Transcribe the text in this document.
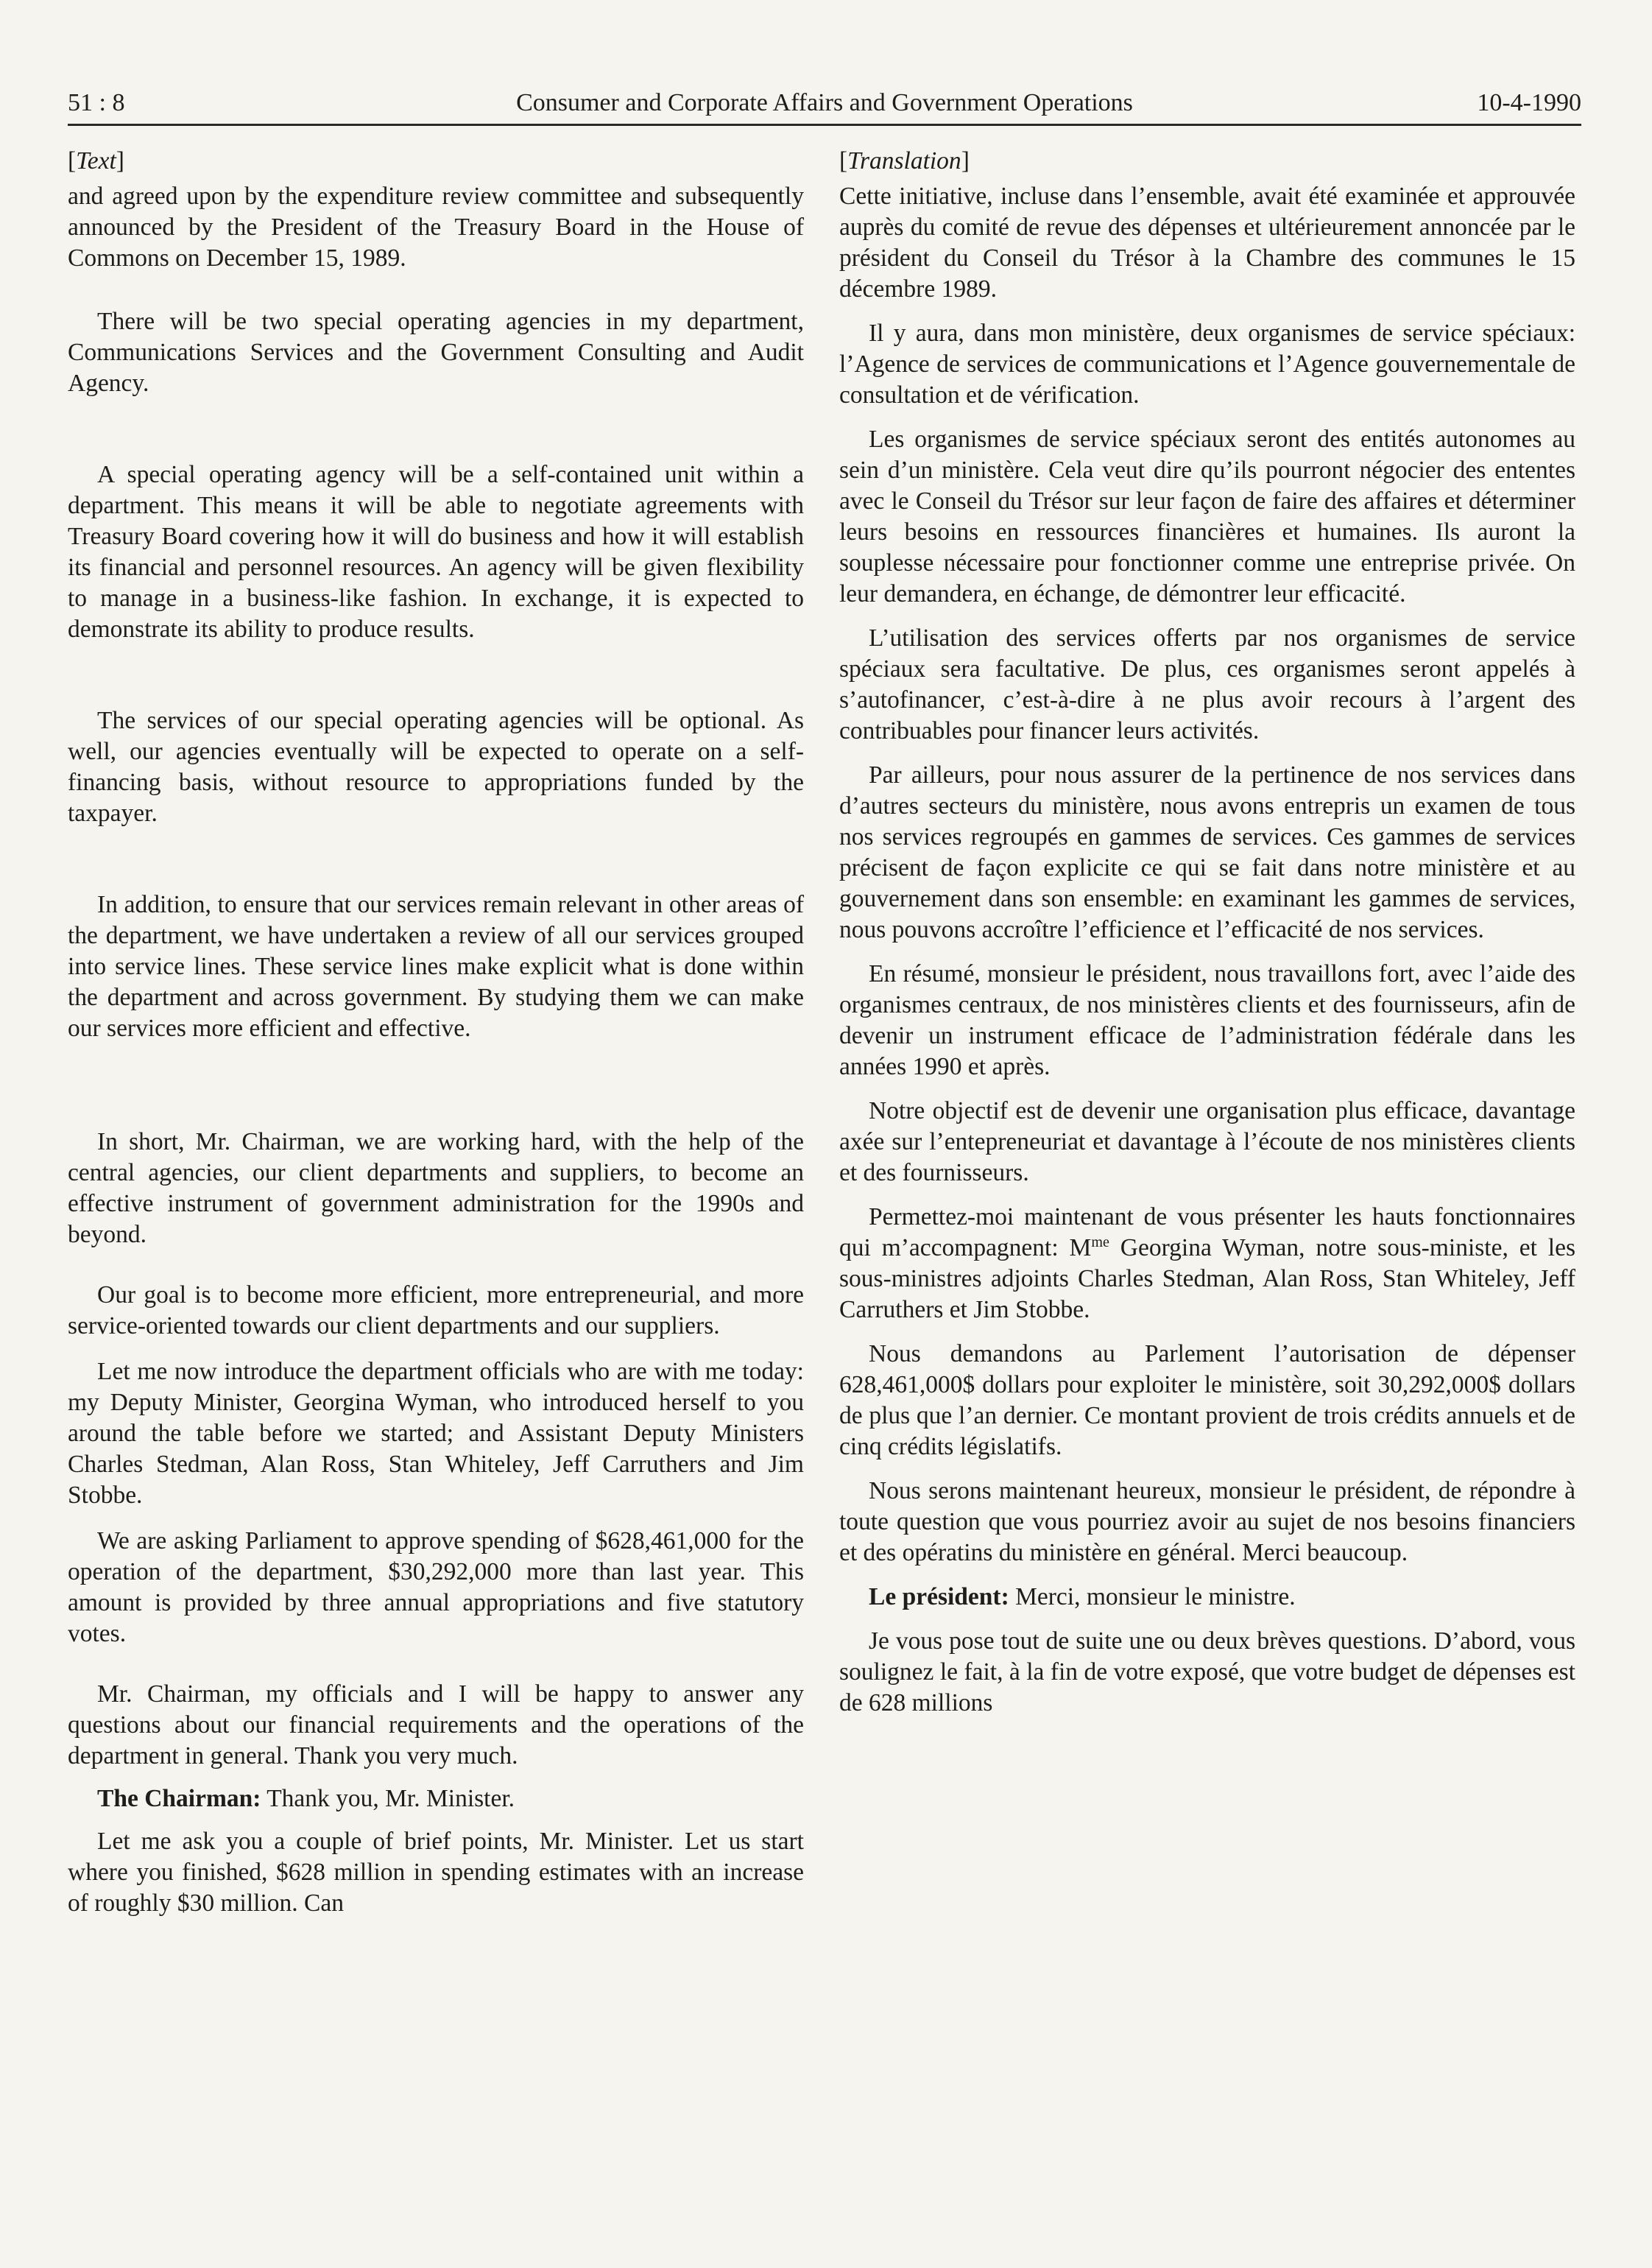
51 : 8	Consumer and Corporate Affairs and Government Operations	10-4-1990
[Text]

and agreed upon by the expenditure review committee and subsequently announced by the President of the Treasury Board in the House of Commons on December 15, 1989.

There will be two special operating agencies in my department, Communications Services and the Government Consulting and Audit Agency.

A special operating agency will be a self-contained unit within a department. This means it will be able to negotiate agreements with Treasury Board covering how it will do business and how it will establish its financial and personnel resources. An agency will be given flexibility to manage in a business-like fashion. In exchange, it is expected to demonstrate its ability to produce results.

The services of our special operating agencies will be optional. As well, our agencies eventually will be expected to operate on a self-financing basis, without resource to appropriations funded by the taxpayer.

In addition, to ensure that our services remain relevant in other areas of the department, we have undertaken a review of all our services grouped into service lines. These service lines make explicit what is done within the department and across government. By studying them we can make our services more efficient and effective.

In short, Mr. Chairman, we are working hard, with the help of the central agencies, our client departments and suppliers, to become an effective instrument of government administration for the 1990s and beyond.

Our goal is to become more efficient, more entrepreneurial, and more service-oriented towards our client departments and our suppliers.

Let me now introduce the department officials who are with me today: my Deputy Minister, Georgina Wyman, who introduced herself to you around the table before we started; and Assistant Deputy Ministers Charles Stedman, Alan Ross, Stan Whiteley, Jeff Carruthers and Jim Stobbe.

We are asking Parliament to approve spending of $628,461,000 for the operation of the department, $30,292,000 more than last year. This amount is provided by three annual appropriations and five statutory votes.

Mr. Chairman, my officials and I will be happy to answer any questions about our financial requirements and the operations of the department in general. Thank you very much.

The Chairman: Thank you, Mr. Minister.

Let me ask you a couple of brief points, Mr. Minister. Let us start where you finished, $628 million in spending estimates with an increase of roughly $30 million. Can

[Translation]

Cette initiative, incluse dans l’ensemble, avait été examinée et approuvée auprès du comité de revue des dépenses et ultérieurement annoncée par le président du Conseil du Trésor à la Chambre des communes le 15 décembre 1989.

Il y aura, dans mon ministère, deux organismes de service spéciaux: l’Agence de services de communications et l’Agence gouvernementale de consultation et de vérification.

Les organismes de service spéciaux seront des entités autonomes au sein d’un ministère. Cela veut dire qu’ils pourront négocier des ententes avec le Conseil du Trésor sur leur façon de faire des affaires et déterminer leurs besoins en ressources financières et humaines. Ils auront la souplesse nécessaire pour fonctionner comme une entreprise privée. On leur demandera, en échange, de démontrer leur efficacité.

L’utilisation des services offerts par nos organismes de service spéciaux sera facultative. De plus, ces organismes seront appelés à s’autofinancer, c’est-à-dire à ne plus avoir recours à l’argent des contribuables pour financer leurs activités.

Par ailleurs, pour nous assurer de la pertinence de nos services dans d’autres secteurs du ministère, nous avons entrepris un examen de tous nos services regroupés en gammes de services. Ces gammes de services précisent de façon explicite ce qui se fait dans notre ministère et au gouvernement dans son ensemble: en examinant les gammes de services, nous pouvons accroître l’efficience et l’efficacité de nos services.

En résumé, monsieur le président, nous travaillons fort, avec l’aide des organismes centraux, de nos ministères clients et des fournisseurs, afin de devenir un instrument efficace de l’administration fédérale dans les années 1990 et après.

Notre objectif est de devenir une organisation plus efficace, davantage axée sur l’entepreneuriat et davantage à l’écoute de nos ministères clients et des fournisseurs.

Permettez-moi maintenant de vous présenter les hauts fonctionnaires qui m’accompagnent: $M^{me}$ Georgina Wyman, notre sous-ministe, et les sous-ministres adjoints Charles Stedman, Alan Ross, Stan Whiteley, Jeff Carruthers et Jim Stobbe.

Nous demandons au Parlement l’autorisation de dépenser 628,461,000$ dollars pour exploiter le ministère, soit 30,292,000$ dollars de plus que l’an dernier. Ce montant provient de trois crédits annuels et de cinq crédits législatifs.

Nous serons maintenant heureux, monsieur le président, de répondre à toute question que vous pourriez avoir au sujet de nos besoins financiers et des opératins du ministère en général. Merci beaucoup.

Le président: Merci, monsieur le ministre.

Je vous pose tout de suite une ou deux brèves questions. D’abord, vous soulignez le fait, à la fin de votre exposé, que votre budget de dépenses est de 628 millions
